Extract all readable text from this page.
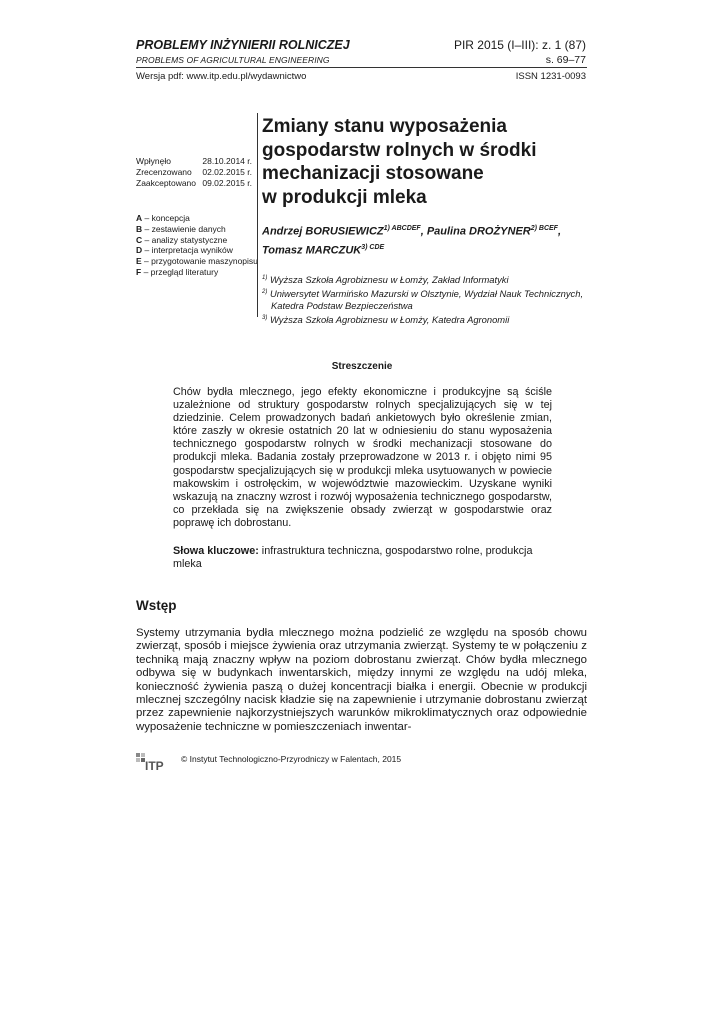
PROBLEMY INŻYNIERII ROLNICZEJ
PROBLEMS OF AGRICULTURAL ENGINEERING
PIR 2015 (I–III): z. 1 (87)
s. 69–77
Wersja pdf: www.itp.edu.pl/wydawnictwo	ISSN 1231-0093
Wpłynęło	28.10.2014 r.
Zrecenzowano 02.02.2015 r.
Zaakceptowano 09.02.2015 r.
A – koncepcja
B – zestawienie danych
C – analizy statystyczne
D – interpretacja wyników
E – przygotowanie maszynopisu
F – przegląd literatury
Zmiany stanu wyposażenia
gospodarstw rolnych w środki
mechanizacji stosowane
w produkcji mleka
Andrzej $BORUSIEWICZ^{1) ABCDEF}$, Paulina $DROŻYNER^{2) BCEF}$,
Tomasz $MARCZUK^{3) CDE}$
$^{1)}$ Wyższa Szkoła Agrobiznesu w Łomży, Zakład Informatyki
$^{2)}$ Uniwersytet Warmińsko Mazurski w Olsztynie, Wydział Nauk Technicznych,
Katedra Podstaw Bezpieczeństwa
$^{3)}$ Wyższa Szkoła Agrobiznesu w Łomży, Katedra Agronomii
Streszczenie
Chów bydła mlecznego, jego efekty ekonomiczne i produkcyjne są ściśle uzależnione od struktury gospodarstw rolnych specjalizujących się w tej dziedzinie. Celem prowadzonych badań ankietowych było określenie zmian, które zaszły w okresie ostatnich 20 lat w odniesieniu do stanu wyposażenia technicznego gospodarstw rolnych w środki mechanizacji stosowane do produkcji mleka. Badania zostały przeprowadzone w 2013 r. i objęto nimi 95 gospodarstw specjalizujących się w produkcji mleka usytuowanych w powiecie makowskim i ostrołęckim, w województwie mazowieckim. Uzyskane wyniki wskazują na znaczny wzrost i rozwój wyposażenia technicznego gospodarstw, co przekłada się na zwiększenie obsady zwierząt w gospodarstwie oraz poprawę ich dobrostanu.
Słowa kluczowe: infrastruktura techniczna, gospodarstwo rolne, produkcja mleka
Wstęp
Systemy utrzymania bydła mlecznego można podzielić ze względu na sposób chowu zwierząt, sposób i miejsce żywienia oraz utrzymania zwierząt. Systemy te w połączeniu z techniką mają znaczny wpływ na poziom dobrostanu zwierząt. Chów bydła mlecznego odbywa się w budynkach inwentarskich, między innymi ze względu na udój mleka, konieczność żywienia paszą o dużej koncentracji białka i energii. Obecnie w produkcji mlecznej szczególny nacisk kładzie się na zapewnienie i utrzymanie dobrostanu zwierząt przez zapewnienie najkorzystniejszych warunków mikroklimatycznych oraz odpowiednie wyposażenie techniczne w pomieszczeniach inwentar-
ITP © Instytut Technologiczno-Przyrodniczy w Falentach, 2015
